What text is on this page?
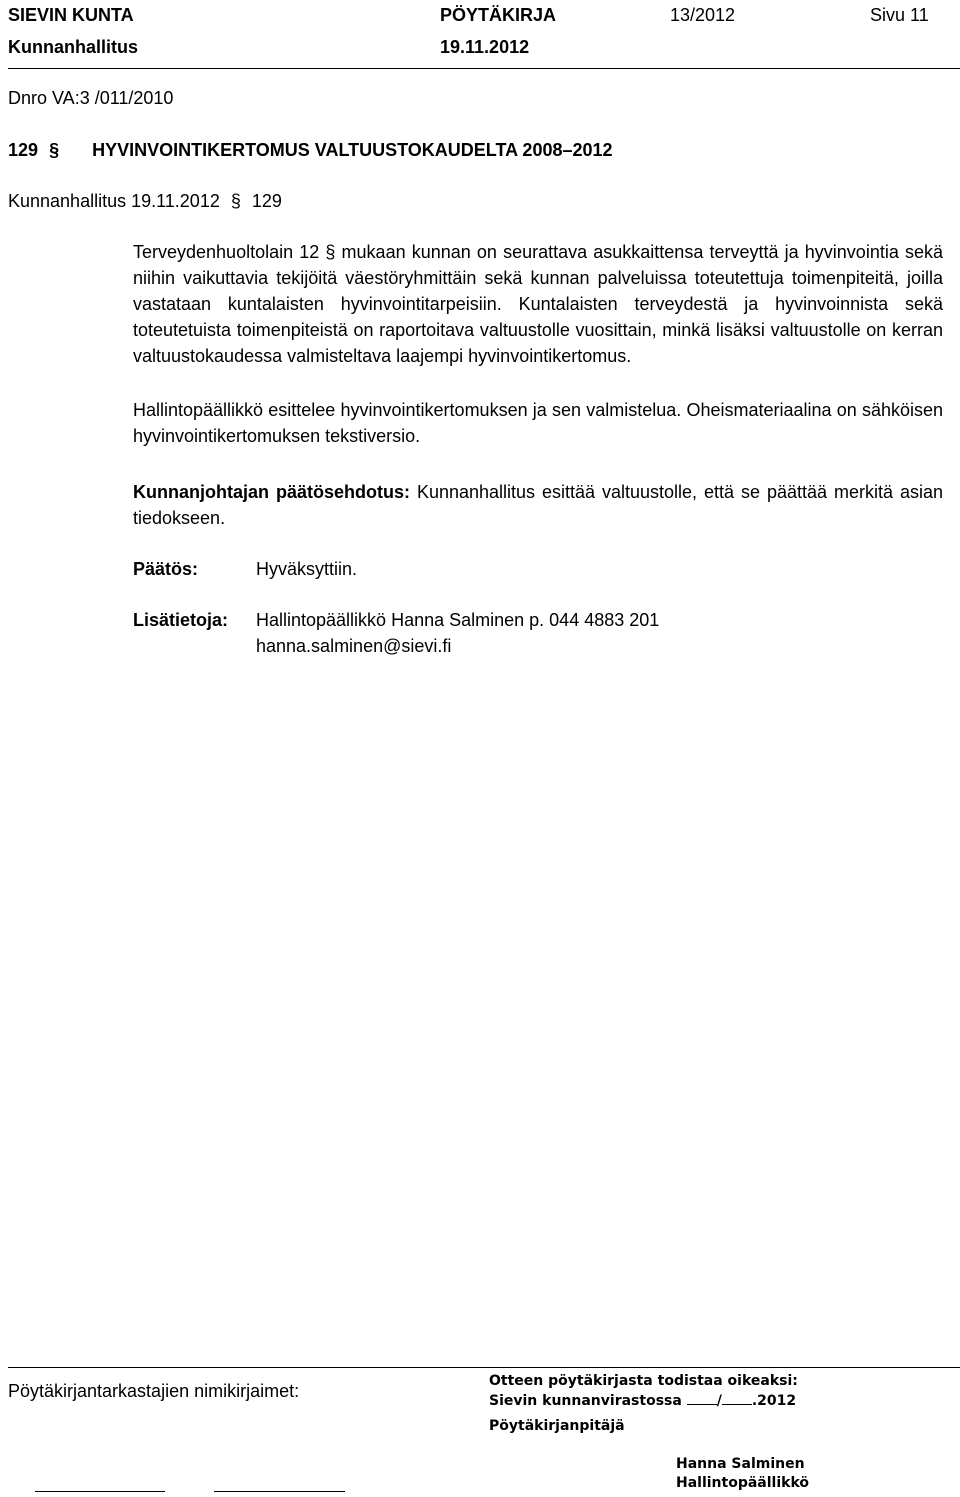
SIEVIN KUNTA	PÖYTÄKIRJA	13/2012	Sivu 11
Kunnanhallitus	19.11.2012
Dnro VA:3 /011/2010
129 § HYVINVOINTIKERTOMUS VALTUUSTOKAUDELTA 2008–2012
Kunnanhallitus 19.11.2012 § 129
Terveydenhuoltolain 12 § mukaan kunnan on seurattava asukkaittensa terveyttä ja hyvinvointia sekä niihin vaikuttavia tekijöitä väestöryhmittäin sekä kunnan palveluissa toteutettuja toimenpiteitä, joilla vastataan kuntalaisten hyvinvointitarpeisiin. Kuntalaisten terveydestä ja hyvinvoinnista sekä toteutetuista toimenpiteistä on raportoitava valtuustolle vuosittain, minkä lisäksi valtuustolle on kerran valtuustokaudessa valmisteltava laajempi hyvinvointikertomus.
Hallintopäällikkö esittelee hyvinvointikertomuksen ja sen valmistelua. Oheismateriaalina on sähköisen hyvinvointikertomuksen tekstiversio.
Kunnanjohtajan päätösehdotus: Kunnanhallitus esittää valtuustolle, että se päättää merkitä asian tiedokseen.
Päätös:	Hyväksyttiin.
Lisätietoja: Hallintopäällikkö Hanna Salminen p. 044 4883 201
hanna.salminen@sievi.fi
Pöytäkirjantarkastajien nimikirjaimet:	Otteen pöytäkirjasta todistaa oikeaksi:
Sievin kunnanvirastossa / .2012
Pöytäkirjanpitäjä
Hanna Salminen
Hallintopäällikkö
